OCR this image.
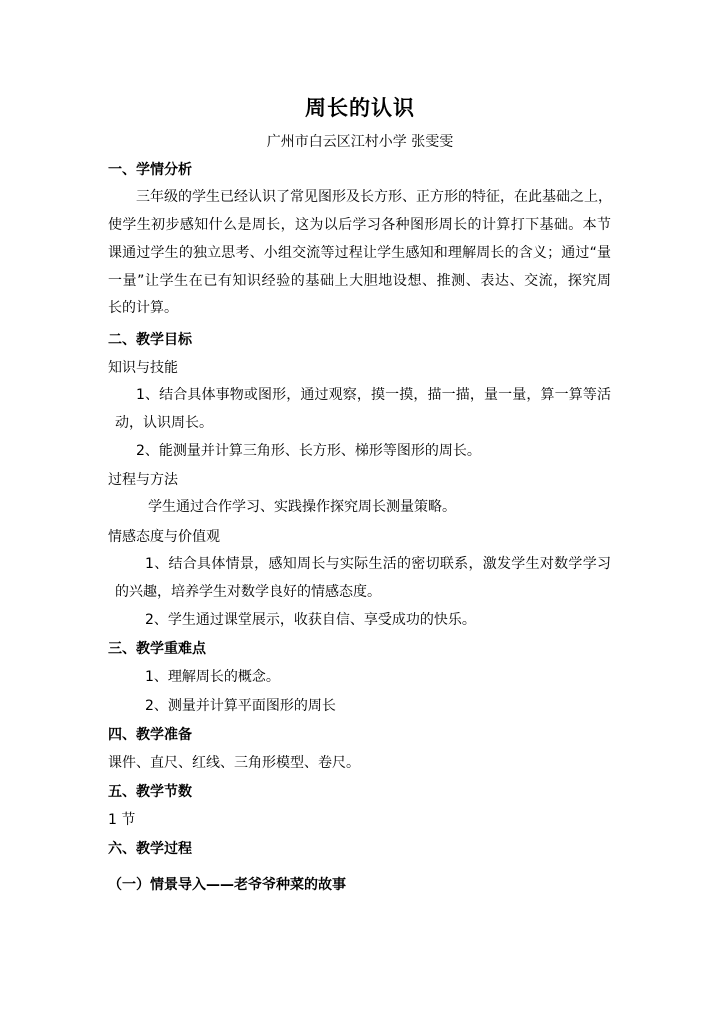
周长的认识
广州市白云区江村小学 张雯雯
一、学情分析
三年级的学生已经认识了常见图形及长方形、正方形的特征，在此基础之上，
使学生初步感知什么是周长，这为以后学习各种图形周长的计算打下基础。本节
课通过学生的独立思考、小组交流等过程让学生感知和理解周长的含义；通过“量
一量”让学生在已有知识经验的基础上大胆地设想、推测、表达、交流，探究周
长的计算。
二、教学目标
知识与技能
1、结合具体事物或图形，通过观察，摸一摸，描一描，量一量，算一算等活
动，认识周长。
2、能测量并计算三角形、长方形、梯形等图形的周长。
过程与方法
学生通过合作学习、实践操作探究周长测量策略。
情感态度与价值观
1、结合具体情景，感知周长与实际生活的密切联系，激发学生对数学学习
的兴趣，培养学生对数学良好的情感态度。
2、学生通过课堂展示，收获自信、享受成功的快乐。
三、教学重难点
1、理解周长的概念。
2、测量并计算平面图形的周长
四、教学准备
课件、直尺、红线、三角形模型、卷尺。
五、教学节数
1 节
六、教学过程
（一）情景导入——老爷爷种菜的故事
